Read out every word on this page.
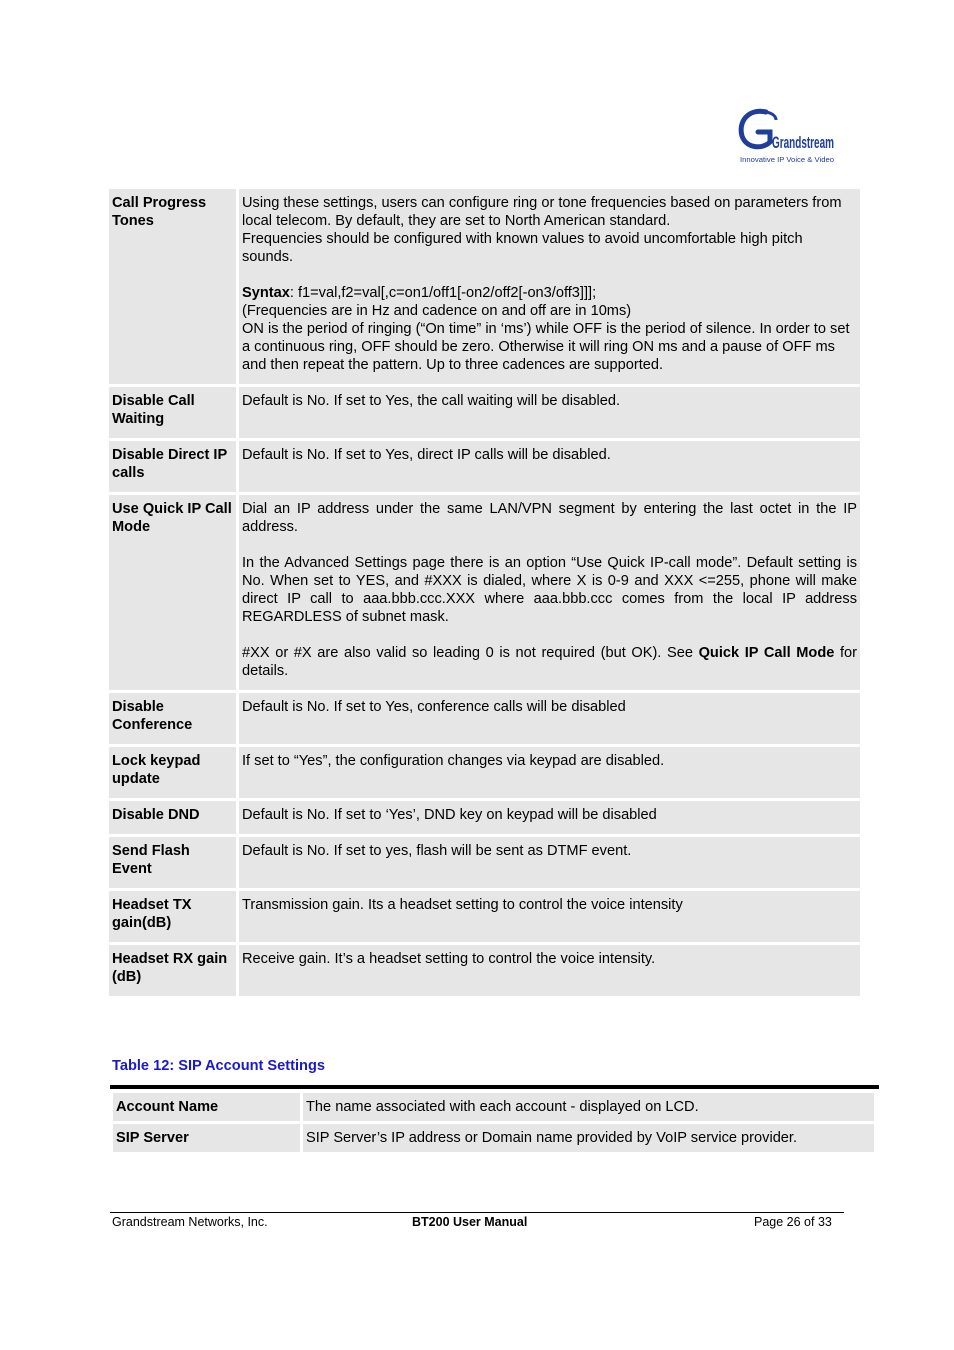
Grandstream
Innovative IP Voice & Video
Call Progress Tones	Using these settings, users can configure ring or tone frequencies based on parameters from local telecom. By default, they are set to North American standard.

Frequencies should be configured with known values to avoid uncomfortable high pitch sounds.

Syntax: f1=val,f2=val[,c=on1/off1[-on2/off2[-on3/off3]]];

(Frequencies are in Hz and cadence on and off are in 10ms)

ON is the period of ringing (“On time” in ‘ms’) while OFF is the period of silence. In order to set a continuous ring, OFF should be zero. Otherwise it will ring ON ms and a pause of OFF ms and then repeat the pattern. Up to three cadences are supported.

Disable Call Waiting	Default is No. If set to Yes, the call waiting will be disabled.

Disable Direct IP calls	Default is No. If set to Yes, direct IP calls will be disabled.

Use Quick IP Call Mode	Dial an IP address under the same LAN/VPN segment by entering the last octet in the IP address.

In the Advanced Settings page there is an option “Use Quick IP-call mode”. Default setting is No. When set to YES, and #XXX is dialed, where X is 0-9 and XXX <=255, phone will make direct IP call to aaa.bbb.ccc.XXX where aaa.bbb.ccc comes from the local IP address REGARDLESS of subnet mask.

#XX or #X are also valid so leading 0 is not required (but OK). See Quick IP Call Mode for details.

Disable Conference	Default is No. If set to Yes, conference calls will be disabled

Lock keypad update	If set to “Yes”, the configuration changes via keypad are disabled.

Disable DND	Default is No. If set to ‘Yes’, DND key on keypad will be disabled

Send Flash Event	Default is No. If set to yes, flash will be sent as DTMF event.

Headset TX gain(dB)	Transmission gain. Its a headset setting to control the voice intensity

Headset RX gain (dB)	Receive gain. It’s a headset setting to control the voice intensity.

Table 12: SIP Account Settings
Account Name	The name associated with each account - displayed on LCD.
SIP Server	SIP Server’s IP address or Domain name provided by VoIP service provider.
Grandstream Networks, Inc.	BT200 User Manual	Page 26 of 33
